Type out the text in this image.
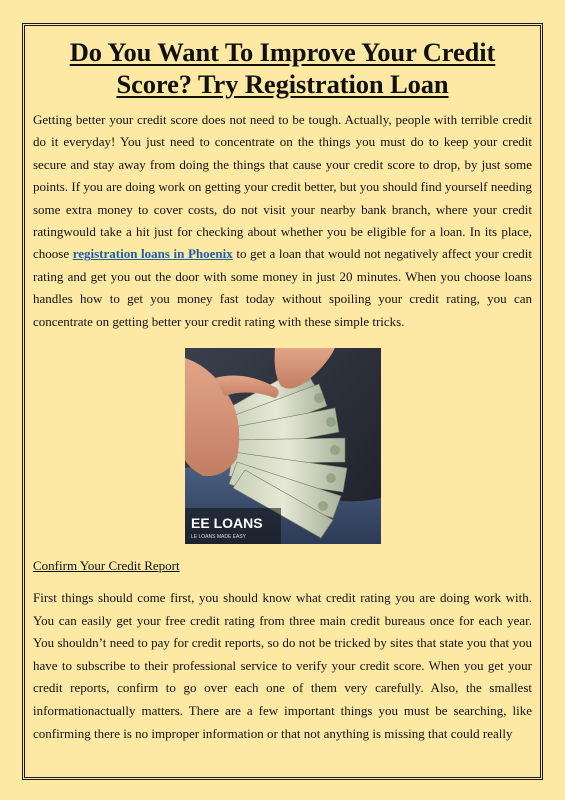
Do You Want To Improve Your Credit Score? Try Registration Loan

Getting better your credit score does not need to be tough. Actually, people with terrible credit do it everyday! You just need to concentrate on the things you must do to keep your credit secure and stay away from doing the things that cause your credit score to drop, by just some points. If you are doing work on getting your credit better, but you should find yourself needing some extra money to cover costs, do not visit your nearby bank branch, where your credit ratingwould take a hit just for checking about whether you be eligible for a loan. In its place, choose registration loans in Phoenix to get a loan that would not negatively affect your credit rating and get you out the door with some money in just 20 minutes. When you choose loans handles how to get you money fast today without spoiling your credit rating, you can concentrate on getting better your credit rating with these simple tricks.

EE LOANS
LE LOANS MADE EASY
Confirm Your Credit Report

First things should come first, you should know what credit rating you are doing work with. You can easily get your free credit rating from three main credit bureaus once for each year. You shouldn’t need to pay for credit reports, so do not be tricked by sites that state you that you have to subscribe to their professional service to verify your credit score. When you get your credit reports, confirm to go over each one of them very carefully. Also, the smallest informationactually matters. There are a few important things you must be searching, like confirming there is no improper information or that not anything is missing that could really
